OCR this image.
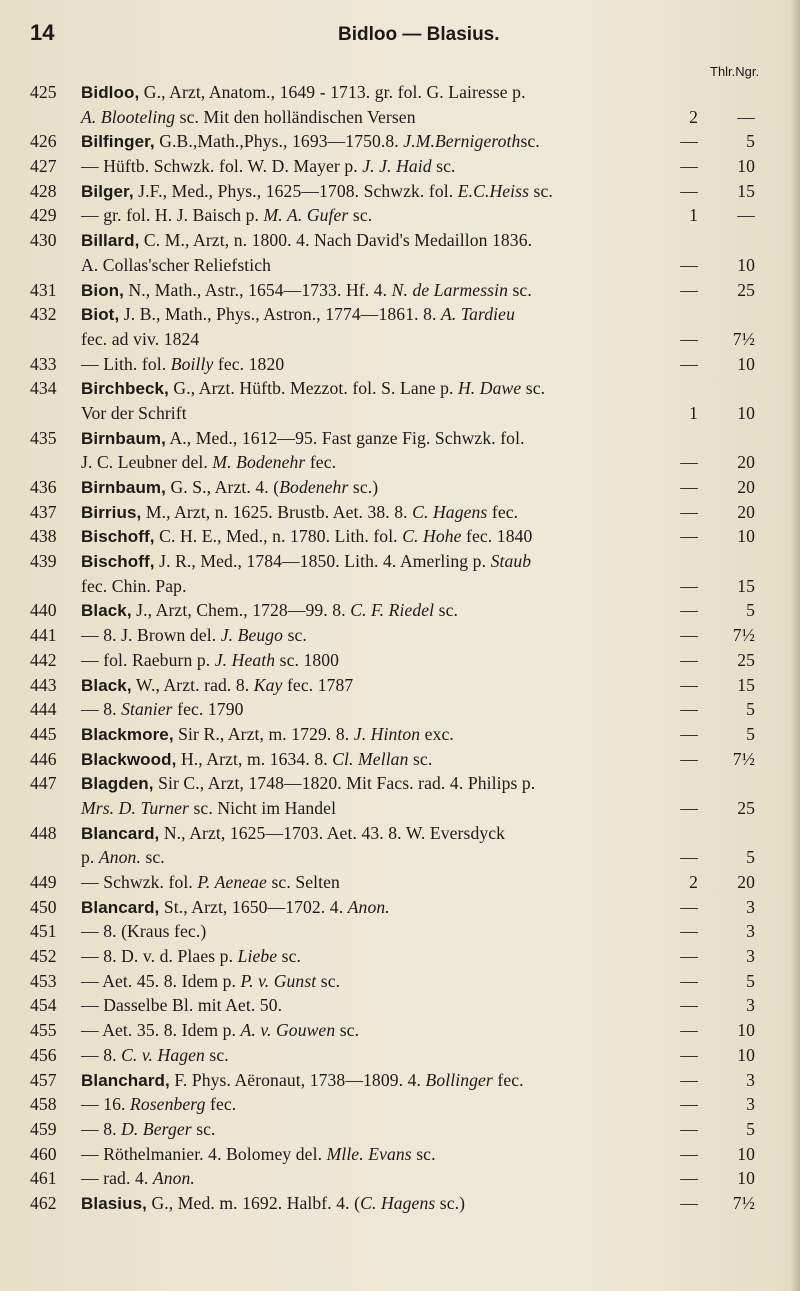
14	Bidloo — Blasius.
Thlr.Ngr.
425	Bidloo, G., Arzt, Anatom., 1649 - 1713. gr. fol. G. Lairesse p.
A. Blooteling sc. Mit den holländischen Versen	2	—
426	Bilfinger, G.B.,Math.,Phys., 1693—1750.8. J.M.Bernigerothsc.	—	5
427	— Hüftb. Schwzk. fol. W. D. Mayer p. J. J. Haid sc.	—	10
428	Bilger, J.F., Med., Phys., 1625—1708. Schwzk. fol. E.C.Heiss sc.	—	15
429	— gr. fol. H. J. Baisch p. M. A. Gufer sc.	1	—
430	Billard, C. M., Arzt, n. 1800. 4. Nach David's Medaillon 1836.
A. Collas'scher Reliefstich	—	10
431	Bion, N., Math., Astr., 1654—1733. Hf. 4. N. de Larmessin sc.	—	25
432	Biot, J. B., Math., Phys., Astron., 1774—1861. 8. A. Tardieu
fec. ad viv. 1824	—	7½
433	— Lith. fol. Boilly fec. 1820	—	10
434	Birchbeck, G., Arzt. Hüftb. Mezzot. fol. S. Lane p. H. Dawe sc.
Vor der Schrift	1	10
435	Birnbaum, A., Med., 1612—95. Fast ganze Fig. Schwzk. fol.
J. C. Leubner del. M. Bodenehr fec.	—	20
436	Birnbaum, G. S., Arzt. 4. (Bodenehr sc.)	—	20
437	Birrius, M., Arzt, n. 1625. Brustb. Aet. 38. 8. C. Hagens fec.	—	20
438	Bischoff, C. H. E., Med., n. 1780. Lith. fol. C. Hohe fec. 1840	—	10
439	Bischoff, J. R., Med., 1784—1850. Lith. 4. Amerling p. Staub
fec. Chin. Pap.	—	15
440	Black, J., Arzt, Chem., 1728—99. 8. C. F. Riedel sc.	—	5
441	— 8. J. Brown del. J. Beugo sc.	—	7½
442	— fol. Raeburn p. J. Heath sc. 1800	—	25
443	Black, W., Arzt. rad. 8. Kay fec. 1787	—	15
444	— 8. Stanier fec. 1790	—	5
445	Blackmore, Sir R., Arzt, m. 1729. 8. J. Hinton exc.	—	5
446	Blackwood, H., Arzt, m. 1634. 8. Cl. Mellan sc.	—	7½
447	Blagden, Sir C., Arzt, 1748—1820. Mit Facs. rad. 4. Philips p.
Mrs. D. Turner sc. Nicht im Handel	—	25
448	Blancard, N., Arzt, 1625—1703. Aet. 43. 8. W. Eversdyck
p. Anon. sc.	—	5
449	— Schwzk. fol. P. Aeneae sc. Selten	2	20
450	Blancard, St., Arzt, 1650—1702. 4. Anon.	—	3
451	— 8. (Kraus fec.)	—	3
452	— 8. D. v. d. Plaes p. Liebe sc.	—	3
453	— Aet. 45. 8. Idem p. P. v. Gunst sc.	—	5
454	— Dasselbe Bl. mit Aet. 50.	—	3
455	— Aet. 35. 8. Idem p. A. v. Gouwen sc.	—	10
456	— 8. C. v. Hagen sc.	—	10
457	Blanchard, F. Phys. Aëronaut, 1738—1809. 4. Bollinger fec.	—	3
458	— 16. Rosenberg fec.	—	3
459	— 8. D. Berger sc.	—	5
460	— Röthelmanier. 4. Bolomey del. Mlle. Evans sc.	—	10
461	— rad. 4. Anon.	—	10
462	Blasius, G., Med. m. 1692. Halbf. 4. (C. Hagens sc.)	—	7½
